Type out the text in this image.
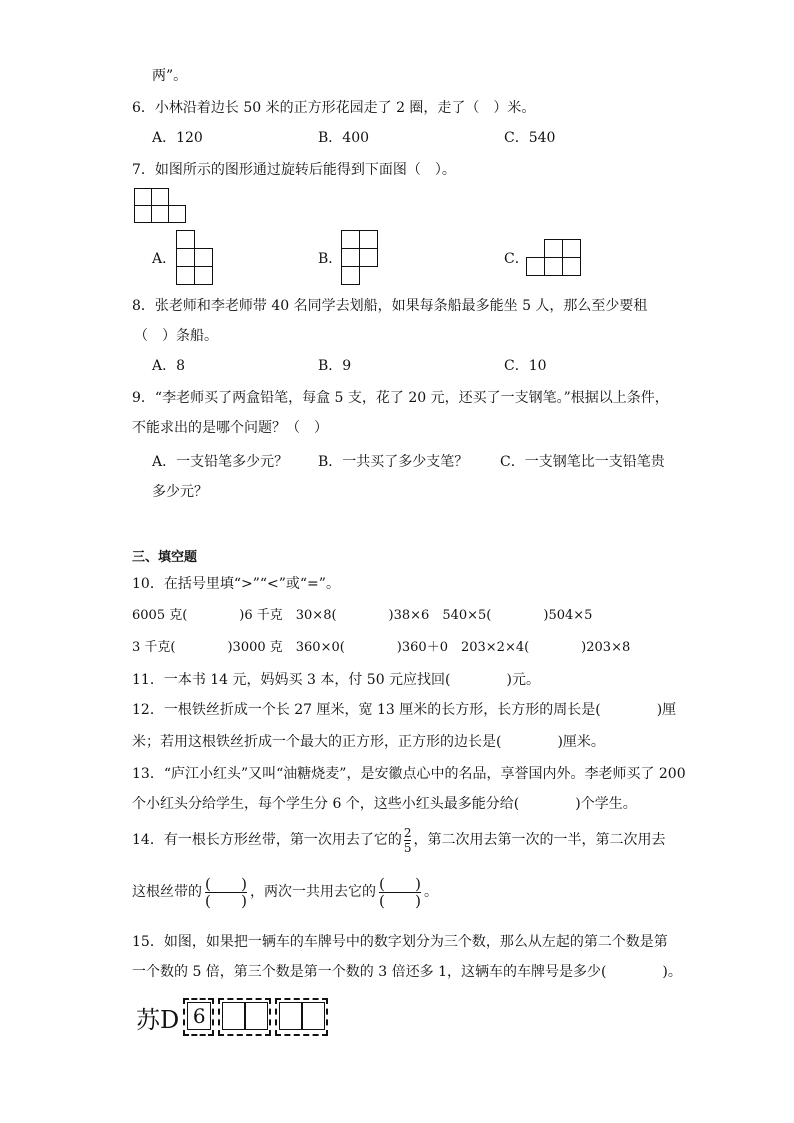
两”。
6．小林沿着边长 50 米的正方形花园走了 2 圈，走了（　）米。
A．120	B．400	C．540
7．如图所示的图形通过旋转后能得到下面图（　）。
A．	B．	C．
8．张老师和李老师带 40 名同学去划船，如果每条船最多能坐 5 人，那么至少要租
（　）条船。
A．8	B．9	C．10
9．“李老师买了两盒铅笔，每盒 5 支，花了 20 元，还买了一支钢笔。”根据以上条件，
不能求出的是哪个问题？（　）
A．一支铅笔多少元？ B．一共买了多少支笔？ C．一支钢笔比一支铅笔贵
多少元？
三、填空题
10．在括号里填“>”“<”或“=”。
6005 克(　　　　)6 千克　30×8(　　　　)38×6　540×5(　　　　)504×5
3 千克(　　　　)3000 克　360×0(　　　　)360＋0　203×2×4(　　　　)203×8
11．一本书 14 元，妈妈买 3 本，付 50 元应找回(　　　　)元。
12．一根铁丝折成一个长 27 厘米，宽 13 厘米的长方形，长方形的周长是(　　　　)厘
米；若用这根铁丝折成一个最大的正方形，正方形的边长是(　　　　)厘米。
13．“庐江小红头”又叫“油糖烧麦”，是安徽点心中的名品，享誉国内外。李老师买了 200
个小红头分给学生，每个学生分 6 个，这些小红头最多能分给(　　　　)个学生。
14．有一根长方形丝带，第一次用去了它的 $\frac{2}{5}$ ，第二次用去第一次的一半，第二次用去
这根丝带的 ( )
( ) ，两次一共用去它的 ( )
( ) 。
15．如图，如果把一辆车的车牌号中的数字划分为三个数，那么从左起的第二个数是第
一个数的 5 倍，第三个数是第一个数的 3 倍还多 1，这辆车的车牌号是多少(　　　　)。
苏D 6
